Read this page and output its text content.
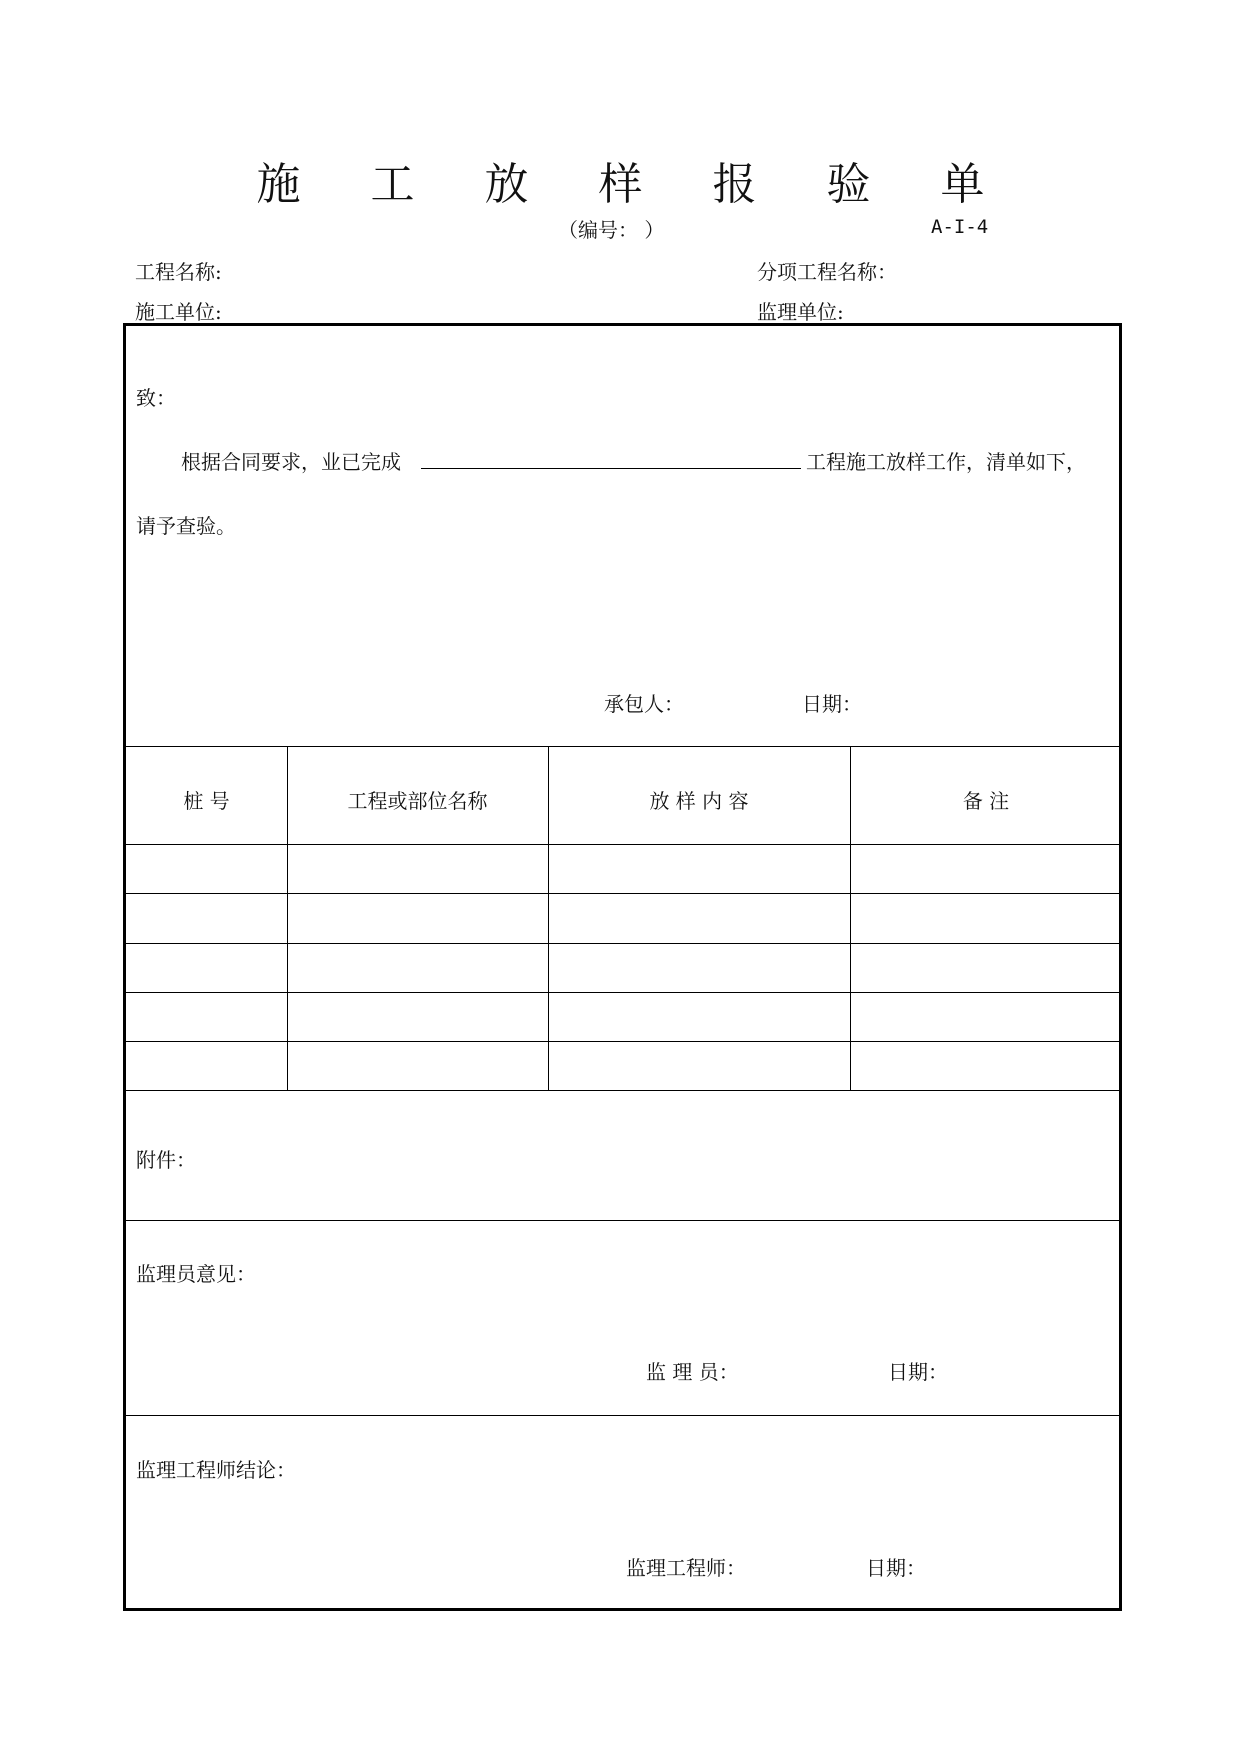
施 工 放 样 报 验 单
（编号： ）	A-I-4
工程名称:	分项工程名称：
施工单位:	监理单位:
致：
根据合同要求，业已完成	工程施工放样工作，清单如下，
请予查验。
承包人：	日期：
桩 号	工程或部位名称	放 样 内 容	备 注
附件：
监理员意见：
监 理 员：	日期：
监理工程师结论：
监理工程师：	日期：
